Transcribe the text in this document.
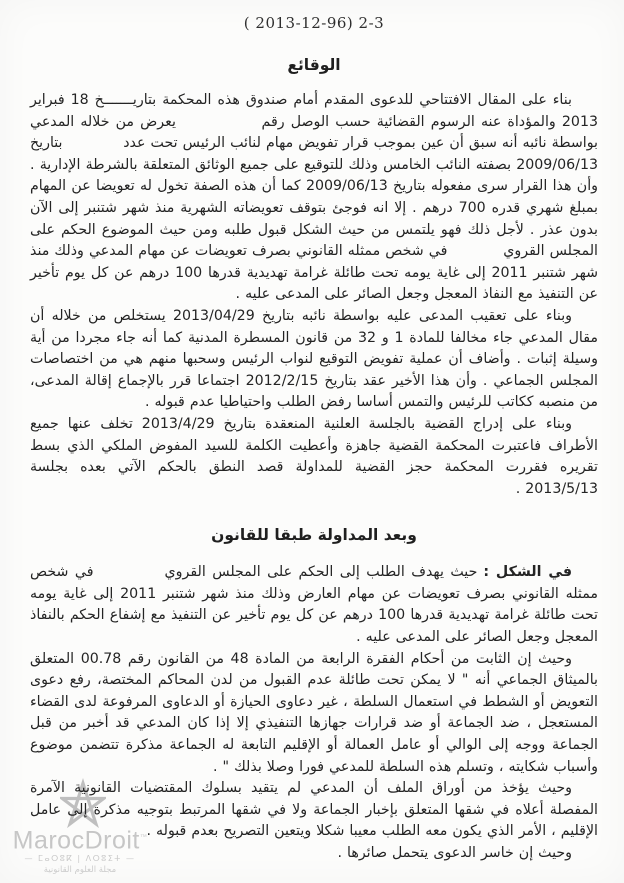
MarocDroit™
— ⵎⴰⵔⵓⴽ | ⴷⵔⵓⵉⵜ —
مجلة العلوم القانونية
( 2013-12-96) 2-3
الوقائع

بناء على المقال الافتتاحي للدعوى المقدم أمام صندوق هذه المحكمة بتاريـــــــخ 18 فبراير 2013 والمؤداة عنه الرسوم القضائية حسب الوصل رقم              يعرض من خلاله المدعي بواسطة نائبه أنه سبق أن عين بموجب قرار تفويض مهام لنائب الرئيس تحت عدد            بتاريخ 2009/06/13 بصفته النائب الخامس وذلك للتوقيع على جميع الوثائق المتعلقة بالشرطة الإدارية . وأن هذا القرار سرى مفعوله بتاريخ 2009/06/13 كما أن هذه الصفة تخول له تعويضا عن المهام بمبلغ شهري قدره 700 درهم . إلا انه فوجئ بتوقف تعويضاته الشهرية منذ شهر شتنبر إلى الآن بدون عذر . لأجل ذلك فهو يلتمس من حيث الشكل قبول طلبه ومن حيث الموضوع الحكم على المجلس القروي           في شخص ممثله القانوني بصرف تعويضات عن مهام المدعي وذلك منذ شهر شتنبر 2011 إلى غاية يومه تحت طائلة غرامة تهديدية قدرها 100 درهم عن كل يوم تأخير عن التنفيذ مع النفاذ المعجل وجعل الصائر على المدعى عليه .

وبناء على تعقيب المدعى عليه بواسطة نائبه بتاريخ 2013/04/29 يستخلص من خلاله أن مقال المدعي جاء مخالفا للمادة 1 و 32 من قانون المسطرة المدنية كما أنه جاء مجردا من أية وسيلة إثبات . وأضاف أن عملية تفويض التوقيع لنواب الرئيس وسحبها منهم هي من اختصاصات المجلس الجماعي . وأن هذا الأخير عقد بتاريخ 2012/2/15 اجتماعا قرر بالإجماع إقالة المدعى، من منصبه ككاتب للرئيس والتمس أساسا رفض الطلب واحتياطيا عدم قبوله .

وبناء على إدراج القضية بالجلسة العلنية المنعقدة بتاريخ 2013/4/29 تخلف عنها جميع الأطراف فاعتبرت المحكمة القضية جاهزة وأعطيت الكلمة للسيد المفوض الملكي الذي بسط تقريره فقررت المحكمة حجز القضية للمداولة قصد النطق بالحكم الآتي بعده بجلسة 2013/5/13 .

وبعد المداولة طبقا للقانون

في الشكل :حيث يهدف الطلب إلى الحكم على المجلس القروي           في شخص ممثله القانوني بصرف تعويضات عن مهام العارض وذلك منذ شهر شتنبر 2011 إلى غاية يومه تحت طائلة غرامة تهديدية قدرها 100 درهم عن كل يوم تأخير عن التنفيذ مع إشفاع الحكم بالنفاذ المعجل وجعل الصائر على المدعى عليه .

وحيث إن الثابت من أحكام الفقرة الرابعة من المادة 48 من القانون رقم 00.78 المتعلق بالميثاق الجماعي أنه " لا يمكن تحت طائلة عدم القبول من لدن المحاكم المختصة، رفع دعوى التعويض أو الشطط في استعمال السلطة ، غير دعاوى الحيازة أو الدعاوى المرفوعة لدى القضاء المستعجل ، ضد الجماعة أو ضد قرارات جهازها التنفيذي إلا إذا كان المدعي قد أخبر من قبل الجماعة ووجه إلى الوالي أو عامل العمالة أو الإقليم التابعة له الجماعة مذكرة تتضمن موضوع وأسباب شكايته ، وتسلم هذه السلطة للمدعي فورا وصلا بذلك " .

وحيث يؤخذ من أوراق الملف أن المدعي لم يتقيد بسلوك المقتضيات القانونية الآمرة المفصلة أعلاه في شقها المتعلق بإخبار الجماعة ولا في شقها المرتبط بتوجيه مذكرة إلى عامل الإقليم ، الأمر الذي يكون معه الطلب معيبا شكلا ويتعين التصريح بعدم قبوله .

وحيث إن خاسر الدعوى يتحمل صائرها .
